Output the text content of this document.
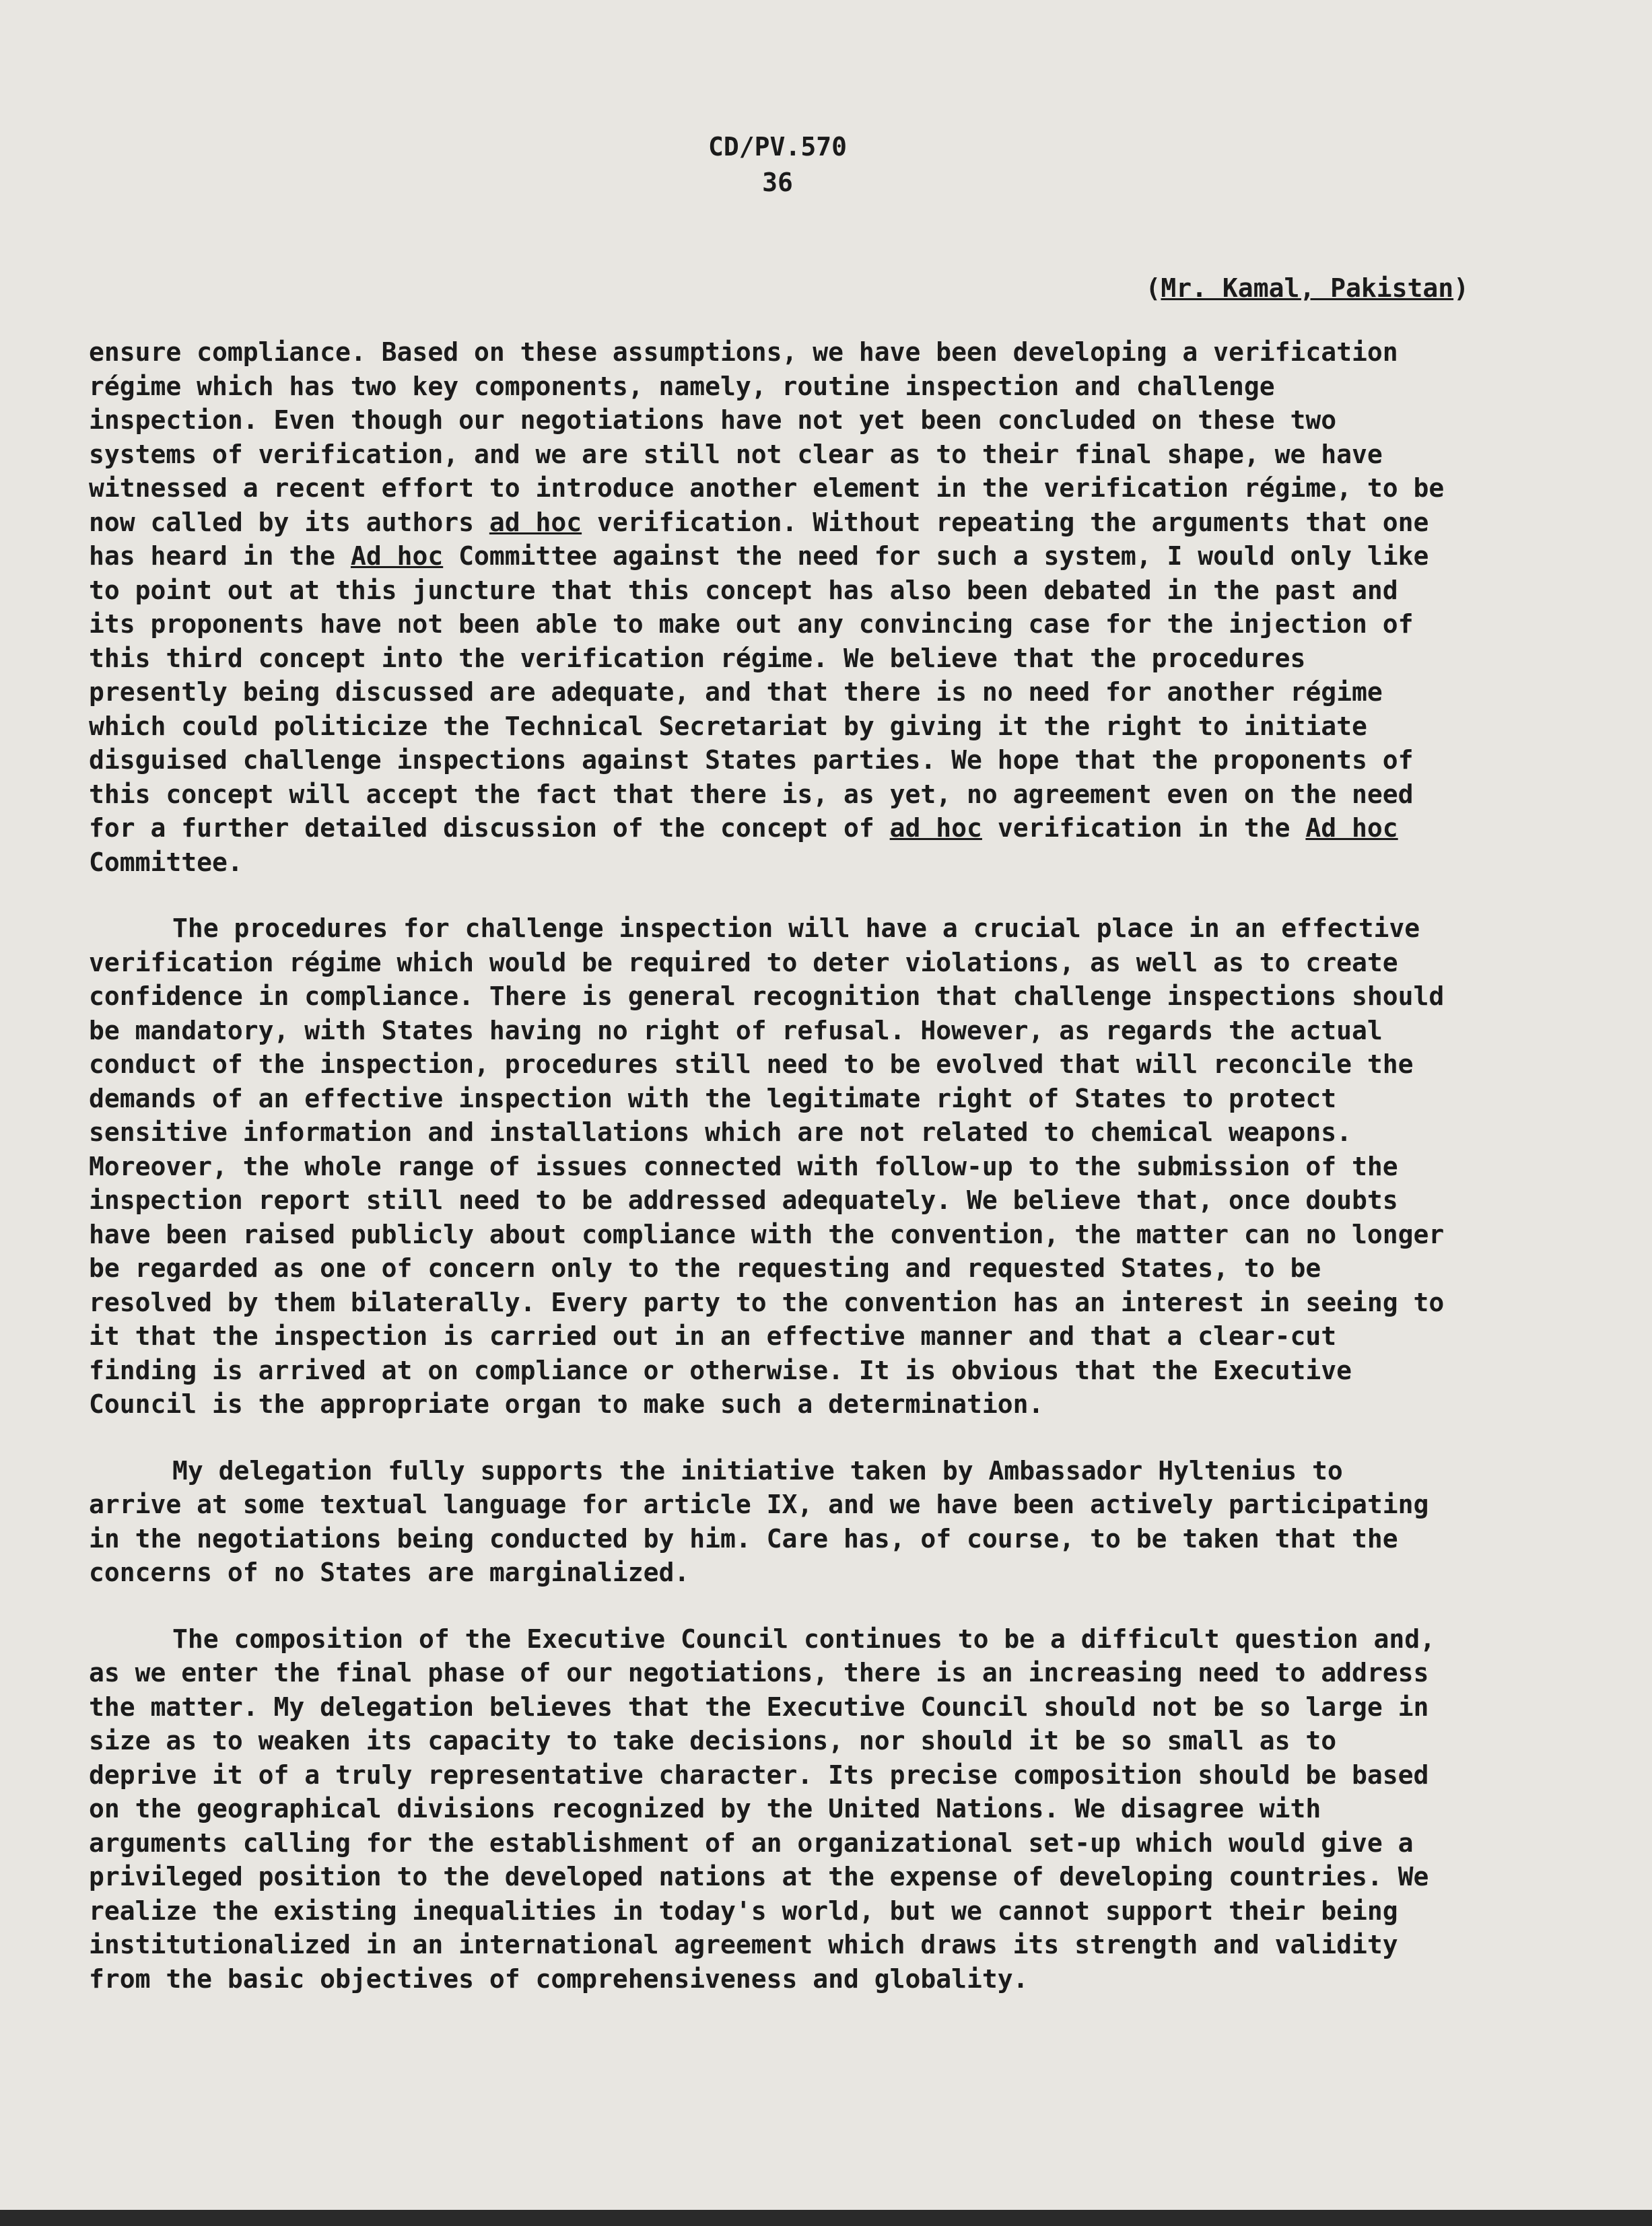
CD/PV.570
36
(Mr. Kamal, Pakistan)

ensure compliance. Based on these assumptions, we have been developing a verification régime which has two key components, namely, routine inspection and challenge inspection. Even though our negotiations have not yet been concluded on these two systems of verification, and we are still not clear as to their final shape, we have witnessed a recent effort to introduce another element in the verification régime, to be now called by its authors ad hoc verification. Without repeating the arguments that one has heard in the Ad hoc Committee against the need for such a system, I would only like to point out at this juncture that this concept has also been debated in the past and its proponents have not been able to make out any convincing case for the injection of this third concept into the verification régime. We believe that the procedures presently being discussed are adequate, and that there is no need for another régime which could politicize the Technical Secretariat by giving it the right to initiate disguised challenge inspections against States parties. We hope that the proponents of this concept will accept the fact that there is, as yet, no agreement even on the need for a further detailed discussion of the concept of ad hoc verification in the Ad hoc Committee.

The procedures for challenge inspection will have a crucial place in an effective verification régime which would be required to deter violations, as well as to create confidence in compliance. There is general recognition that challenge inspections should be mandatory, with States having no right of refusal. However, as regards the actual conduct of the inspection, procedures still need to be evolved that will reconcile the demands of an effective inspection with the legitimate right of States to protect sensitive information and installations which are not related to chemical weapons. Moreover, the whole range of issues connected with follow-up to the submission of the inspection report still need to be addressed adequately. We believe that, once doubts have been raised publicly about compliance with the convention, the matter can no longer be regarded as one of concern only to the requesting and requested States, to be resolved by them bilaterally. Every party to the convention has an interest in seeing to it that the inspection is carried out in an effective manner and that a clear-cut finding is arrived at on compliance or otherwise. It is obvious that the Executive Council is the appropriate organ to make such a determination.

My delegation fully supports the initiative taken by Ambassador Hyltenius to arrive at some textual language for article IX, and we have been actively participating in the negotiations being conducted by him. Care has, of course, to be taken that the concerns of no States are marginalized.

The composition of the Executive Council continues to be a difficult question and, as we enter the final phase of our negotiations, there is an increasing need to address the matter. My delegation believes that the Executive Council should not be so large in size as to weaken its capacity to take decisions, nor should it be so small as to deprive it of a truly representative character. Its precise composition should be based on the geographical divisions recognized by the United Nations. We disagree with arguments calling for the establishment of an organizational set-up which would give a privileged position to the developed nations at the expense of developing countries. We realize the existing inequalities in today's world, but we cannot support their being institutionalized in an international agreement which draws its strength and validity from the basic objectives of comprehensiveness and globality.
